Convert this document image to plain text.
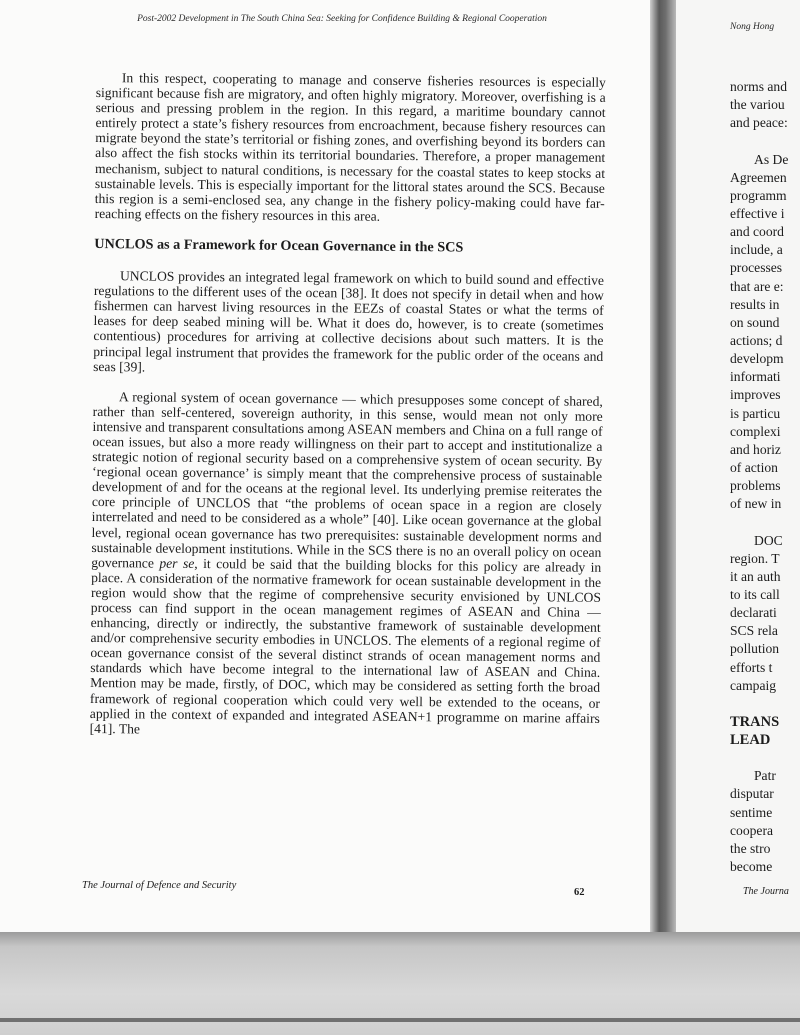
Post-2002 Development in The South China Sea: Seeking for Confidence Building & Regional Cooperation

In this respect, cooperating to manage and conserve fisheries resources is especially significant because fish are migratory, and often highly migratory. Moreover, overfishing is a serious and pressing problem in the region. In this regard, a maritime boundary cannot entirely protect a state’s fishery resources from encroachment, because fishery resources can migrate beyond the state’s territorial or fishing zones, and overfishing beyond its borders can also affect the fish stocks within its territorial boundaries. Therefore, a proper management mechanism, subject to natural conditions, is necessary for the coastal states to keep stocks at sustainable levels. This is especially important for the littoral states around the SCS. Because this region is a semi-enclosed sea, any change in the fishery policy-making could have far-reaching effects on the fishery resources in this area.

UNCLOS as a Framework for Ocean Governance in the SCS

UNCLOS provides an integrated legal framework on which to build sound and effective regulations to the different uses of the ocean [38]. It does not specify in detail when and how fishermen can harvest living resources in the EEZs of coastal States or what the terms of leases for deep seabed mining will be. What it does do, however, is to create (sometimes contentious) procedures for arriving at collective decisions about such matters. It is the principal legal instrument that provides the framework for the public order of the oceans and seas [39].

A regional system of ocean governance — which presupposes some concept of shared, rather than self-centered, sovereign authority, in this sense, would mean not only more intensive and transparent consultations among ASEAN members and China on a full range of ocean issues, but also a more ready willingness on their part to accept and institutionalize a strategic notion of regional security based on a comprehensive system of ocean security. By ‘regional ocean governance’ is simply meant that the comprehensive process of sustainable development of and for the oceans at the regional level. Its underlying premise reiterates the core principle of UNCLOS that “the problems of ocean space in a region are closely interrelated and need to be considered as a whole” [40]. Like ocean governance at the global level, regional ocean governance has two prerequisites: sustainable development norms and sustainable development institutions. While in the SCS there is no an overall policy on ocean governance per se, it could be said that the building blocks for this policy are already in place. A consideration of the normative framework for ocean sustainable development in the region would show that the regime of comprehensive security envisioned by UNLCOS process can find support in the ocean management regimes of ASEAN and China — enhancing, directly or indirectly, the substantive framework of sustainable development and/or comprehensive security embodies in UNCLOS. The elements of a regional regime of ocean governance consist of the several distinct strands of ocean management norms and standards which have become integral to the international law of ASEAN and China. Mention may be made, firstly, of DOC, which may be considered as setting forth the broad framework of regional cooperation which could very well be extended to the oceans, or applied in the context of expanded and integrated ASEAN+1 programme on marine affairs [41]. The

The Journal of Defence and Security
62
Nong Hong
norms and
the variou
and peace:
As De
Agreemen
programm
effective i
and coord
include, a
processes
that are e:
results in
on sound
actions; d
developm
informati
improves
is particu
complexi
and horiz
of action
problems
of new in
DOC
region. T
it an auth
to its call
declarati
SCS rela
pollution
efforts t
campaig
TRANS
LEAD
Patr
disputar
sentime
coopera
the stro
become
The Journa
